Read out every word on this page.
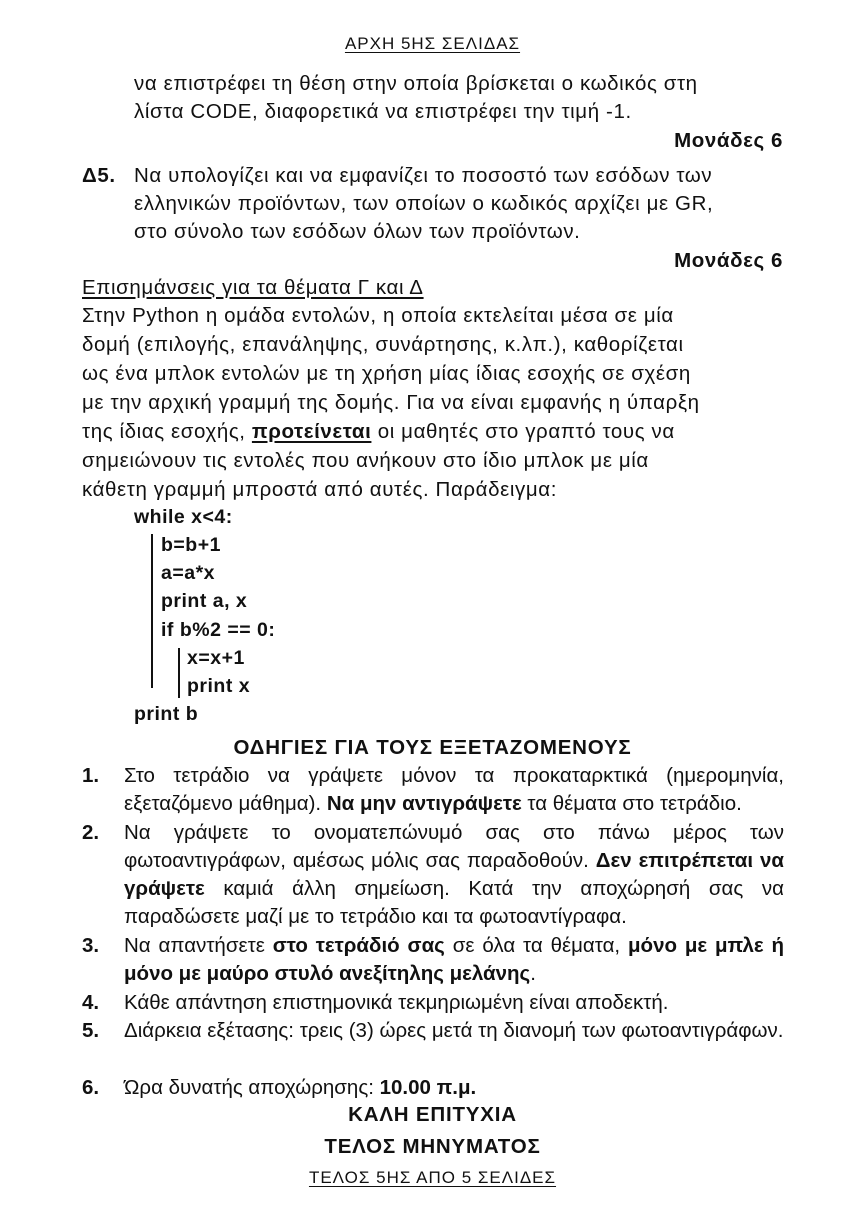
ΑΡΧΗ 5ΗΣ ΣΕΛΙΔΑΣ
να επιστρέφει τη θέση στην οποία βρίσκεται ο κωδικός στη
λίστα CODE, διαφορετικά να επιστρέφει την τιμή -1.
Μονάδες 6
Δ5. Να υπολογίζει και να εμφανίζει το ποσοστό των εσόδων των
ελληνικών προϊόντων, των οποίων ο κωδικός αρχίζει με GR,
στο σύνολο των εσόδων όλων των προϊόντων.
Μονάδες 6
Επισημάνσεις για τα θέματα Γ και Δ
Στην Python η ομάδα εντολών, η οποία εκτελείται μέσα σε μία
δομή (επιλογής, επανάληψης, συνάρτησης, κ.λπ.), καθορίζεται
ως ένα μπλοκ εντολών με τη χρήση μίας ίδιας εσοχής σε σχέση
με την αρχική γραμμή της δομής. Για να είναι εμφανής η ύπαρξη
της ίδιας εσοχής, προτείνεται οι μαθητές στο γραπτό τους να
σημειώνουν τις εντολές που ανήκουν στο ίδιο μπλοκ με μία
κάθετη γραμμή μπροστά από αυτές. Παράδειγμα:
while x<4:
b=b+1
a=a*x
print a, x
if b%2 == 0:
x=x+1
print x
print b
ΟΔΗΓΙΕΣ ΓΙΑ ΤΟΥΣ ΕΞΕΤΑΖΟΜΕΝΟΥΣ
1. Στο τετράδιο να γράψετε μόνον τα προκαταρκτικά (ημερομηνία, εξεταζόμενο μάθημα). Να μην αντιγράψετε τα θέματα στο τετράδιο.
2. Να γράψετε το ονοματεπώνυμό σας στο πάνω μέρος των φωτοαντιγράφων, αμέσως μόλις σας παραδοθούν. Δεν επιτρέπεται να γράψετε καμιά άλλη σημείωση. Κατά την αποχώρησή σας να παραδώσετε μαζί με το τετράδιο και τα φωτοαντίγραφα.
3. Να απαντήσετε στο τετράδιό σας σε όλα τα θέματα, μόνο με μπλε ή μόνο με μαύρο στυλό ανεξίτηλης μελάνης.
4. Κάθε απάντηση επιστημονικά τεκμηριωμένη είναι αποδεκτή.
5. Διάρκεια εξέτασης: τρεις (3) ώρες μετά τη διανομή των φωτοαντιγράφων.
6. Ώρα δυνατής αποχώρησης: 10.00 π.μ.
ΚΑΛΗ ΕΠΙΤΥΧΙΑ
ΤΕΛΟΣ ΜΗΝΥΜΑΤΟΣ
ΤΕΛΟΣ 5ΗΣ ΑΠΟ 5 ΣΕΛΙΔΕΣ
